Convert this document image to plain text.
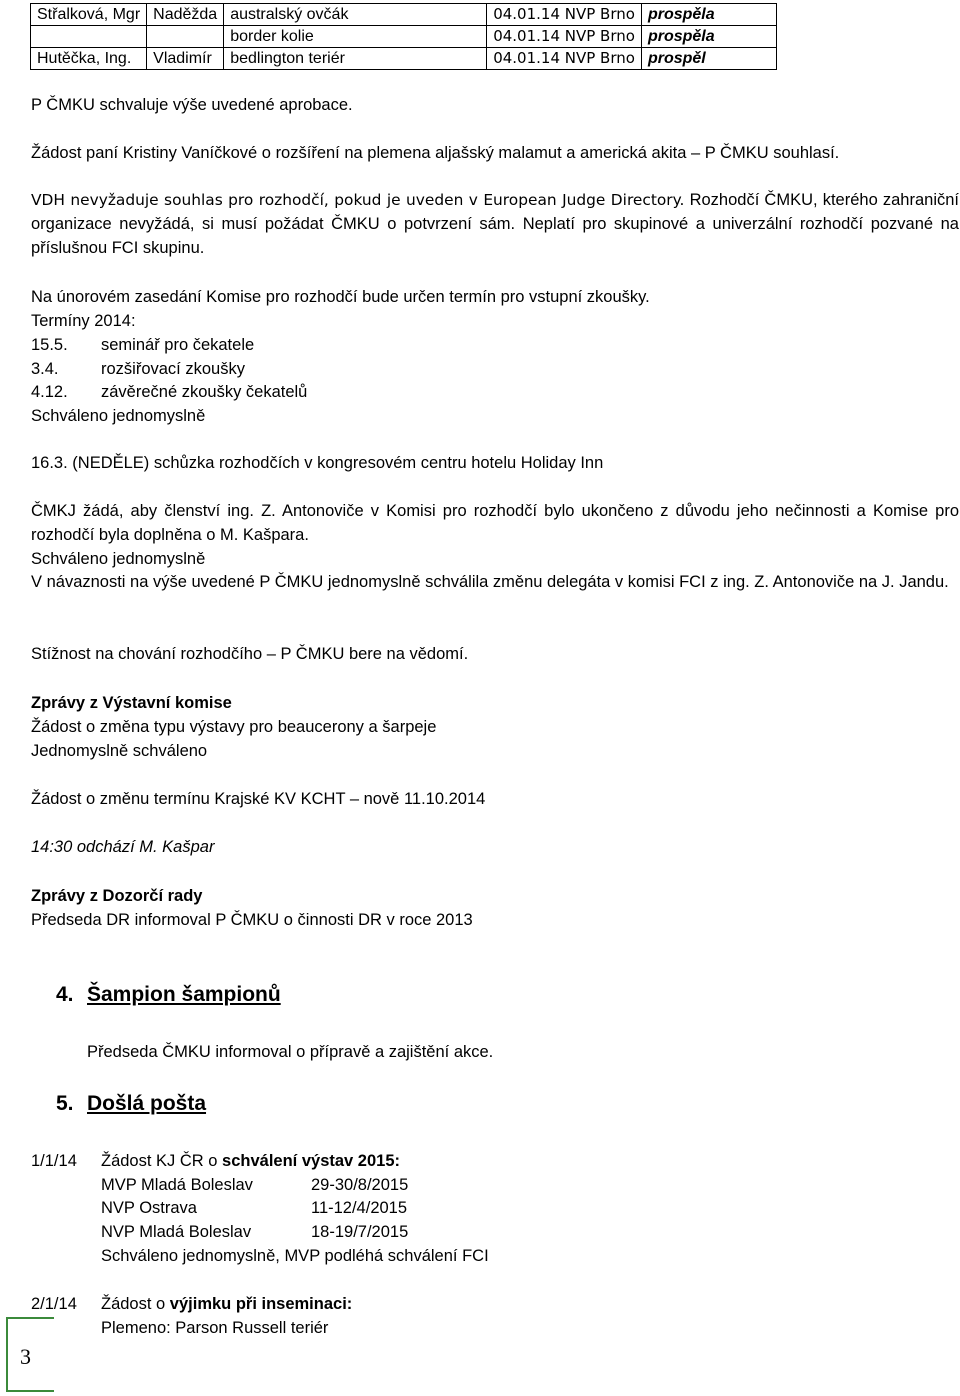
Střalková, Mgr	Naděžda	australský ovčák	04.01.14 NVP Brno	prospěla
		border kolie	04.01.14 NVP Brno	prospěla
Hutěčka, Ing.	Vladimír	bedlington teriér	04.01.14 NVP Brno	prospěl
P ČMKU schvaluje výše uvedené aprobace.
Žádost paní Kristiny Vaníčkové o rozšíření na plemena aljašský malamut a americká akita – P ČMKU souhlasí.
VDH nevyžaduje souhlas pro rozhodčí, pokud je uveden v European Judge Directory. Rozhodčí ČMKU, kterého zahraniční organizace nevyžádá, si musí požádat ČMKU o potvrzení sám. Neplatí pro skupinové a univerzální rozhodčí pozvané na příslušnou FCI skupinu.
Na únorovém zasedání Komise pro rozhodčí bude určen termín pro vstupní zkoušky.
Termíny 2014:
15.5. seminář pro čekatele
3.4.	rozšiřovací zkoušky
4.12. závěrečné zkoušky čekatelů
Schváleno jednomyslně
16.3. (NEDĚLE) schůzka rozhodčích v kongresovém centru hotelu Holiday Inn
ČMKJ žádá, aby členství ing. Z. Antonoviče v Komisi pro rozhodčí bylo ukončeno z důvodu jeho nečinnosti a Komise pro rozhodčí byla doplněna o M. Kašpara.
Schváleno jednomyslně
V návaznosti na výše uvedené P ČMKU jednomyslně schválila změnu delegáta v komisi FCI z ing. Z. Antonoviče na J. Jandu.
Stížnost na chování rozhodčího – P ČMKU bere na vědomí.
Zprávy z Výstavní komise
Žádost o změna typu výstavy pro beaucerony a šarpeje
Jednomyslně schváleno
Žádost o změnu termínu Krajské KV KCHT – nově 11.10.2014
14:30 odchází M. Kašpar
Zprávy z Dozorčí rady
Předseda DR informoval P ČMKU o činnosti DR v roce 2013
4. Šampion šampionů
Předseda ČMKU informoval o přípravě a zajištění akce.
5. Došlá pošta
1/1/14 Žádost KJ ČR o schválení výstav 2015:
MVP Mladá Boleslav	29-30/8/2015
NVP Ostrava	11-12/4/2015
NVP Mladá Boleslav	18-19/7/2015
Schváleno jednomyslně, MVP podléhá schválení FCI
2/1/14 Žádost o výjimku při inseminaci:
Plemeno: Parson Russell teriér
3
